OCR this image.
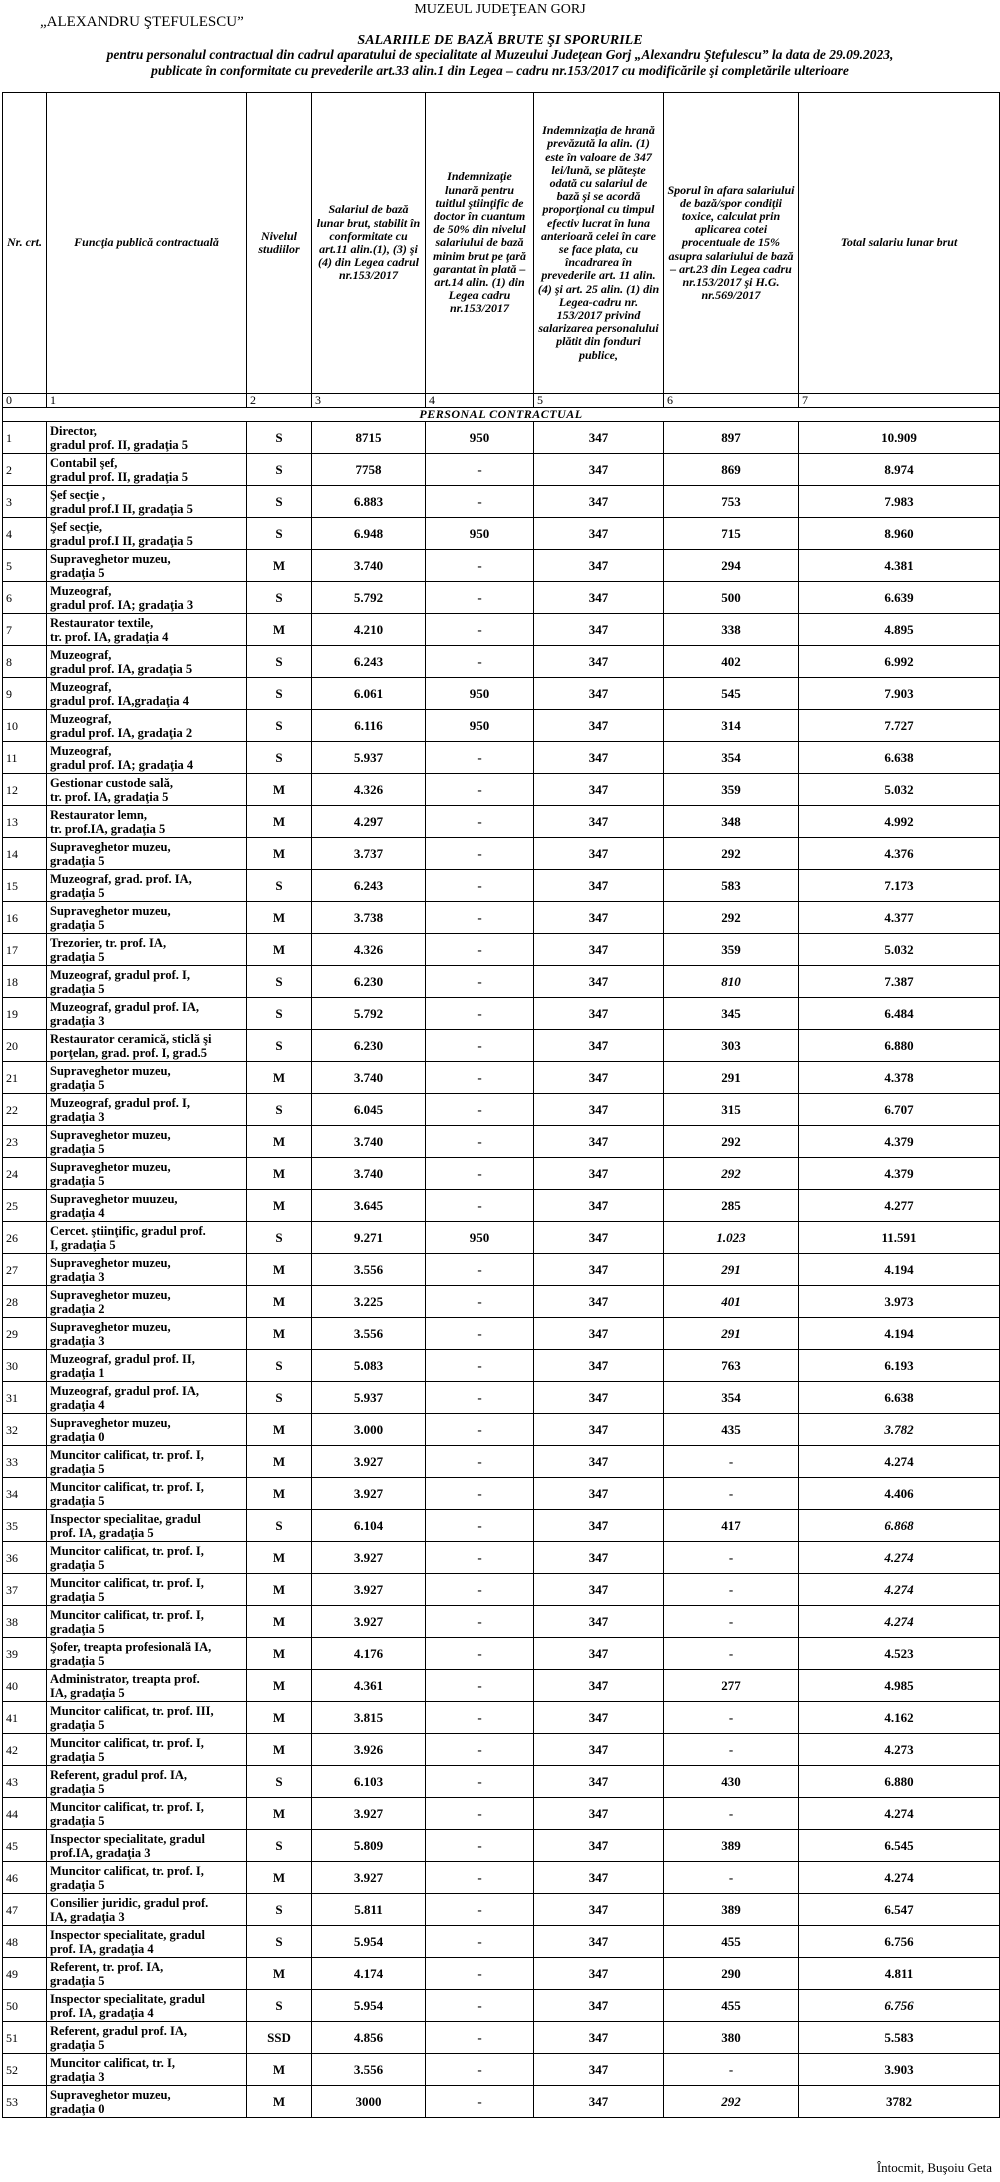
„ALEXANDRU ŞTEFULESCU”
MUZEUL JUDEŢEAN GORJ
SALARIILE DE BAZĂ BRUTE ŞI SPORURILE
pentru personalul contractual din cadrul aparatului de specialitate al Muzeului Judeţean Gorj „Alexandru Ştefulescu” la data de 29.09.2023,
publicate în conformitate cu prevederile art.33 alin.1 din Legea – cadru nr.153/2017 cu modificările şi completările ulterioare
Nr. crt.	Funcţia publică contractuală	Nivelul studiilor	Salariul de bază lunar brut, stabilit în conformitate cu art.11 alin.(1), (3) şi (4) din Legea cadrul nr.153/2017	Indemnizaţie lunară pentru tuitlul ştiinţific de doctor în cuantum de 50% din nivelul salariului de bază minim brut pe ţară garantat în plată – art.14 alin. (1) din Legea cadru nr.153/2017	Indemnizaţia de hrană prevăzută la alin. (1) este în valoare de 347 lei/lună, se plăteşte odată cu salariul de bază şi se acordă proporţional cu timpul efectiv lucrat în luna anterioară celei în care se face plata, cu încadrarea în prevederile art. 11 alin. (4) şi art. 25 alin. (1) din Legea-cadru nr. 153/2017 privind salarizarea personalului plătit din fonduri publice,	Sporul în afara salariului de bază/spor condiţii toxice, calculat prin aplicarea cotei procentuale de 15% asupra salariului de bază – art.23 din Legea cadru nr.153/2017 şi H.G. nr.569/2017	Total salariu lunar brut
0	1	2	3	4	5	6	7
PERSONAL CONTRACTUAL							
1	Director,
gradul prof. II, gradaţia 5	S	8715	950	347	897	10.909
2	Contabil şef,
gradul prof. II, gradaţia 5	S	7758	-	347	869	8.974
3	Şef secţie ,
gradul prof.I II, gradaţia 5	S	6.883	-	347	753	7.983
4	Şef secţie,
gradul prof.I II, gradaţia 5	S	6.948	950	347	715	8.960
5	Supraveghetor muzeu,
gradaţia 5	M	3.740	-	347	294	4.381
6	Muzeograf,
gradul prof. IA; gradaţia 3	S	5.792	-	347	500	6.639
7	Restaurator textile,
tr. prof. IA, gradaţia 4	M	4.210	-	347	338	4.895
8	Muzeograf,
gradul prof. IA, gradaţia 5	S	6.243	-	347	402	6.992
9	Muzeograf,
gradul prof. IA,gradaţia 4	S	6.061	950	347	545	7.903
10	Muzeograf,
gradul prof. IA, gradaţia 2	S	6.116	950	347	314	7.727
11	Muzeograf,
gradul prof. IA; gradaţia 4	S	5.937	-	347	354	6.638
12	Gestionar custode sală,
tr. prof. IA, gradaţia 5	M	4.326	-	347	359	5.032
13	Restaurator lemn,
tr. prof.IA, gradaţia 5	M	4.297	-	347	348	4.992
14	Supraveghetor muzeu,
gradaţia 5	M	3.737	-	347	292	4.376
15	Muzeograf, grad. prof. IA,
gradaţia 5	S	6.243	-	347	583	7.173
16	Supraveghetor muzeu,
gradaţia 5	M	3.738	-	347	292	4.377
17	Trezorier, tr. prof. IA,
gradaţia 5	M	4.326	-	347	359	5.032
18	Muzeograf, gradul prof. I,
gradaţia 5	S	6.230	-	347	810	7.387
19	Muzeograf, gradul prof. IA,
gradaţia 3	S	5.792	-	347	345	6.484
20	Restaurator ceramică, sticlă şi
porţelan, grad. prof. I, grad.5	S	6.230	-	347	303	6.880
21	Supraveghetor muzeu,
gradaţia 5	M	3.740	-	347	291	4.378
22	Muzeograf, gradul prof. I,
gradaţia 3	S	6.045	-	347	315	6.707
23	Supraveghetor muzeu,
gradaţia 5	M	3.740	-	347	292	4.379
24	Supraveghetor muzeu,
gradaţia 5	M	3.740	-	347	292	4.379
25	Supraveghetor muuzeu,
gradaţia 4	M	3.645	-	347	285	4.277
26	Cercet. ştiinţific, gradul prof.
I, gradaţia 5	S	9.271	950	347	1.023	11.591
27	Supraveghetor muzeu,
gradaţia 3	M	3.556	-	347	291	4.194
28	Supraveghetor muzeu,
gradaţia 2	M	3.225	-	347	401	3.973
29	Supraveghetor muzeu,
gradaţia 3	M	3.556	-	347	291	4.194
30	Muzeograf, gradul prof. II,
gradaţia 1	S	5.083	-	347	763	6.193
31	Muzeograf, gradul prof. IA,
gradaţia 4	S	5.937	-	347	354	6.638
32	Supraveghetor muzeu,
gradaţia 0	M	3.000	-	347	435	3.782
33	Muncitor calificat, tr. prof. I,
gradaţia 5	M	3.927	-	347	-	4.274
34	Muncitor calificat, tr. prof. I,
gradaţia 5	M	3.927	-	347	-	4.406
35	Inspector specialitae, gradul
prof. IA, gradaţia 5	S	6.104	-	347	417	6.868
36	Muncitor calificat, tr. prof. I,
gradaţia 5	M	3.927	-	347	-	4.274
37	Muncitor calificat, tr. prof. I,
gradaţia 5	M	3.927	-	347	-	4.274
38	Muncitor calificat, tr. prof. I,
gradaţia 5	M	3.927	-	347	-	4.274
39	Şofer, treapta profesională IA,
gradaţia 5	M	4.176	-	347	-	4.523
40	Administrator, treapta prof.
IA, gradaţia 5	M	4.361	-	347	277	4.985
41	Muncitor calificat, tr. prof. III,
gradaţia 5	M	3.815	-	347	-	4.162
42	Muncitor calificat, tr. prof. I,
gradaţia 5	M	3.926	-	347	-	4.273
43	Referent, gradul prof. IA,
gradaţia 5	S	6.103	-	347	430	6.880
44	Muncitor calificat, tr. prof. I,
gradaţia 5	M	3.927	-	347	-	4.274
45	Inspector specialitate, gradul
prof.IA, gradaţia 3	S	5.809	-	347	389	6.545
46	Muncitor calificat, tr. prof. I,
gradaţia 5	M	3.927	-	347	-	4.274
47	Consilier juridic, gradul prof.
IA, gradaţia 3	S	5.811	-	347	389	6.547
48	Inspector specialitate, gradul
prof. IA, gradaţia 4	S	5.954	-	347	455	6.756
49	Referent, tr. prof. IA,
gradaţia 5	M	4.174	-	347	290	4.811
50	Inspector specialitate, gradul
prof. IA, gradaţia 4	S	5.954	-	347	455	6.756
51	Referent, gradul prof. IA,
gradaţia 5	SSD	4.856	-	347	380	5.583
52	Muncitor calificat, tr. I,
gradaţia 3	M	3.556	-	347	-	3.903
53	Supraveghetor muzeu,
gradaţia 0	M	3000	-	347	292	3782
Întocmit, Buşoiu Geta
